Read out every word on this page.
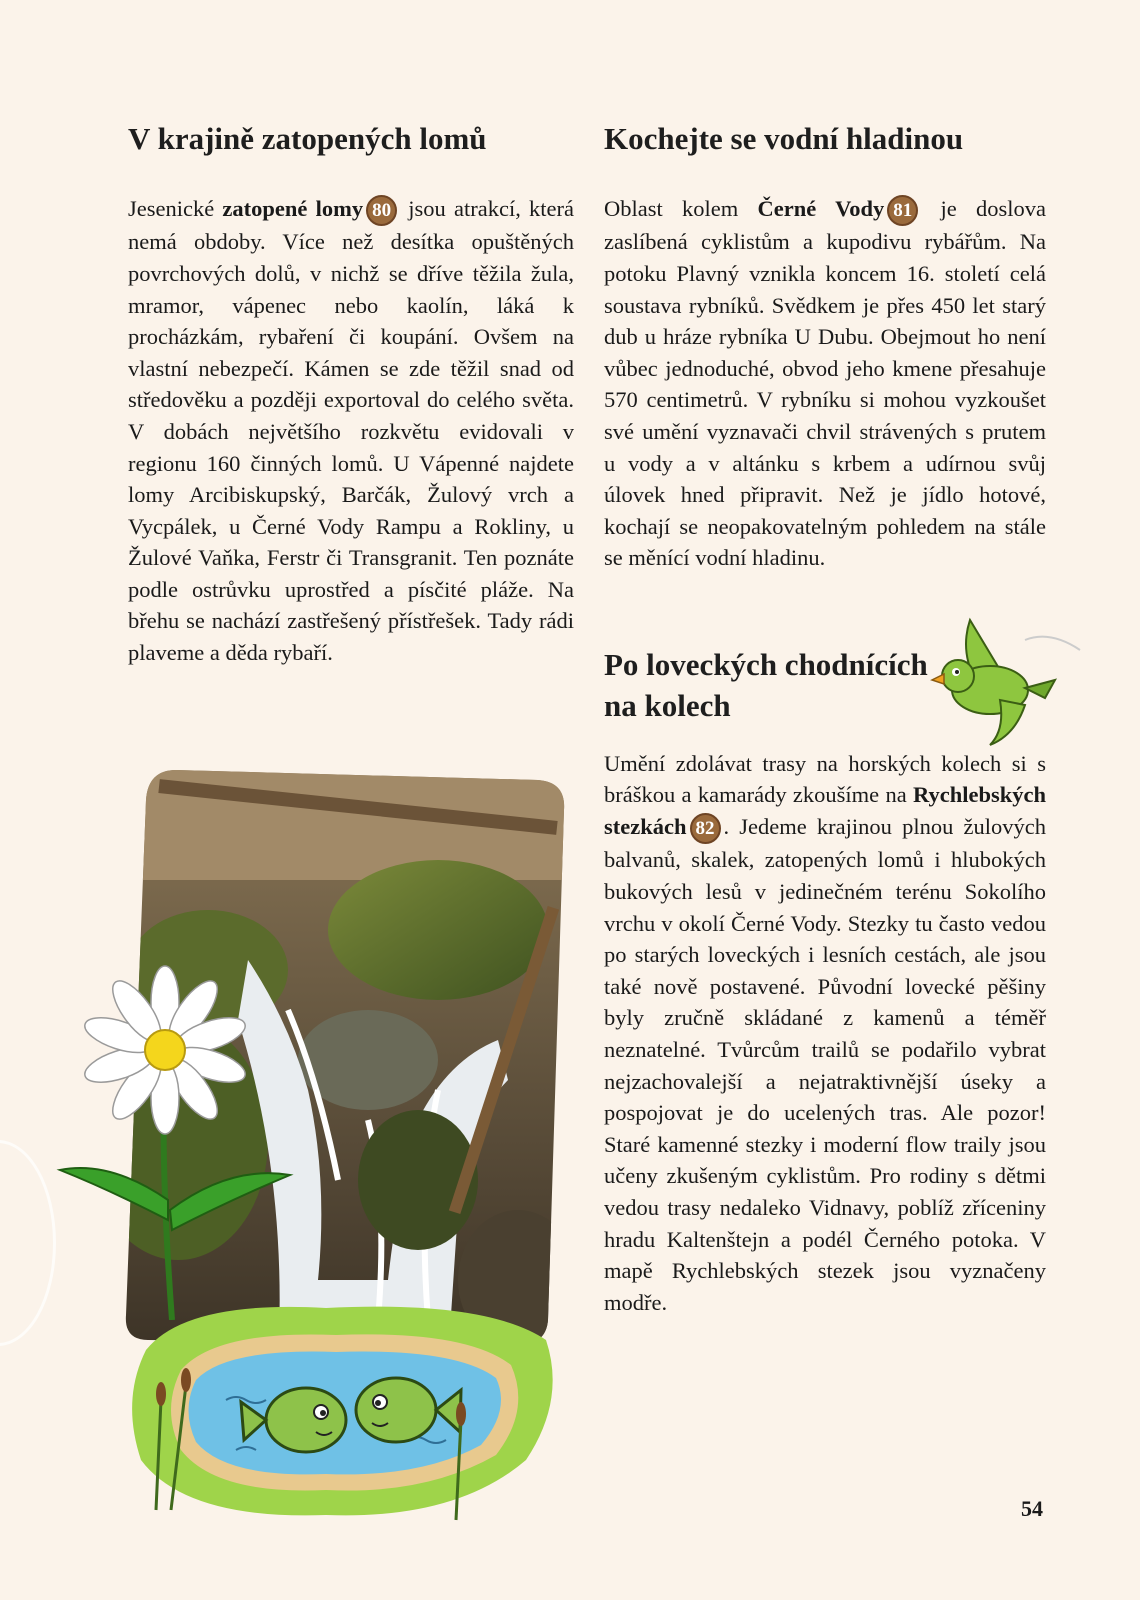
V krajině zatopených lomů

Jesenické zatopené lomy 80 jsou atrakcí, která nemá obdoby. Více než desítka opuštěných povrchových dolů, v nichž se dříve těžila žula, mramor, vápenec nebo kaolín, láká k procházkám, rybaření či koupání. Ovšem na vlastní nebezpečí. Kámen se zde těžil snad od středověku a později exportoval do celého světa. V dobách největšího rozkvětu evidovali v regionu 160 činných lomů. U Vápenné najdete lomy Arcibiskupský, Barčák, Žulový vrch a Vycpálek, u Černé Vody Rampu a Rokliny, u Žulové Vaňka, Ferstr či Transgranit. Ten poznáte podle ostrůvku uprostřed a písčité pláže. Na břehu se nachází zastřešený přístřešek. Tady rádi plaveme a děda rybaří.

Kochejte se vodní hladinou

Oblast kolem Černé Vody 81 je doslova zaslíbená cyklistům a kupodivu rybářům. Na potoku Plavný vznikla koncem 16. století celá soustava rybníků. Svědkem je přes 450 let starý dub u hráze rybníka U Dubu. Obejmout ho není vůbec jednoduché, obvod jeho kmene přesahuje 570 centimetrů. V rybníku si mohou vyzkoušet své umění vyznavači chvil strávených s prutem u vody a v altánku s krbem a udírnou svůj úlovek hned připravit. Než je jídlo hotové, kochají se neopakovatelným pohledem na stále se měnící vodní hladinu.

Po loveckých chodnících
na kolech

Umění zdolávat trasy na horských kolech si s bráškou a kamarády zkoušíme na Rychlebských stezkách 82 . Jedeme krajinou plnou žulových balvanů, skalek, zatopených lomů i hlubokých bukových lesů v jedinečném terénu Sokolího vrchu v okolí Černé Vody. Stezky tu často vedou po starých loveckých i lesních cestách, ale jsou také nově postavené. Původní lovecké pěšiny byly zručně skládané z kamenů a téměř neznatelné. Tvůrcům trailů se podařilo vybrat nejzachovalejší a nejatraktivnější úseky a pospojovat je do ucelených tras. Ale pozor! Staré kamenné stezky i moderní flow traily jsou učeny zkušeným cyklistům. Pro rodiny s dětmi vedou trasy nedaleko Vidnavy, poblíž zříceniny hradu Kaltenštejn a podél Černého potoka. V mapě Rychlebských stezek jsou vyznačeny modře.

54
